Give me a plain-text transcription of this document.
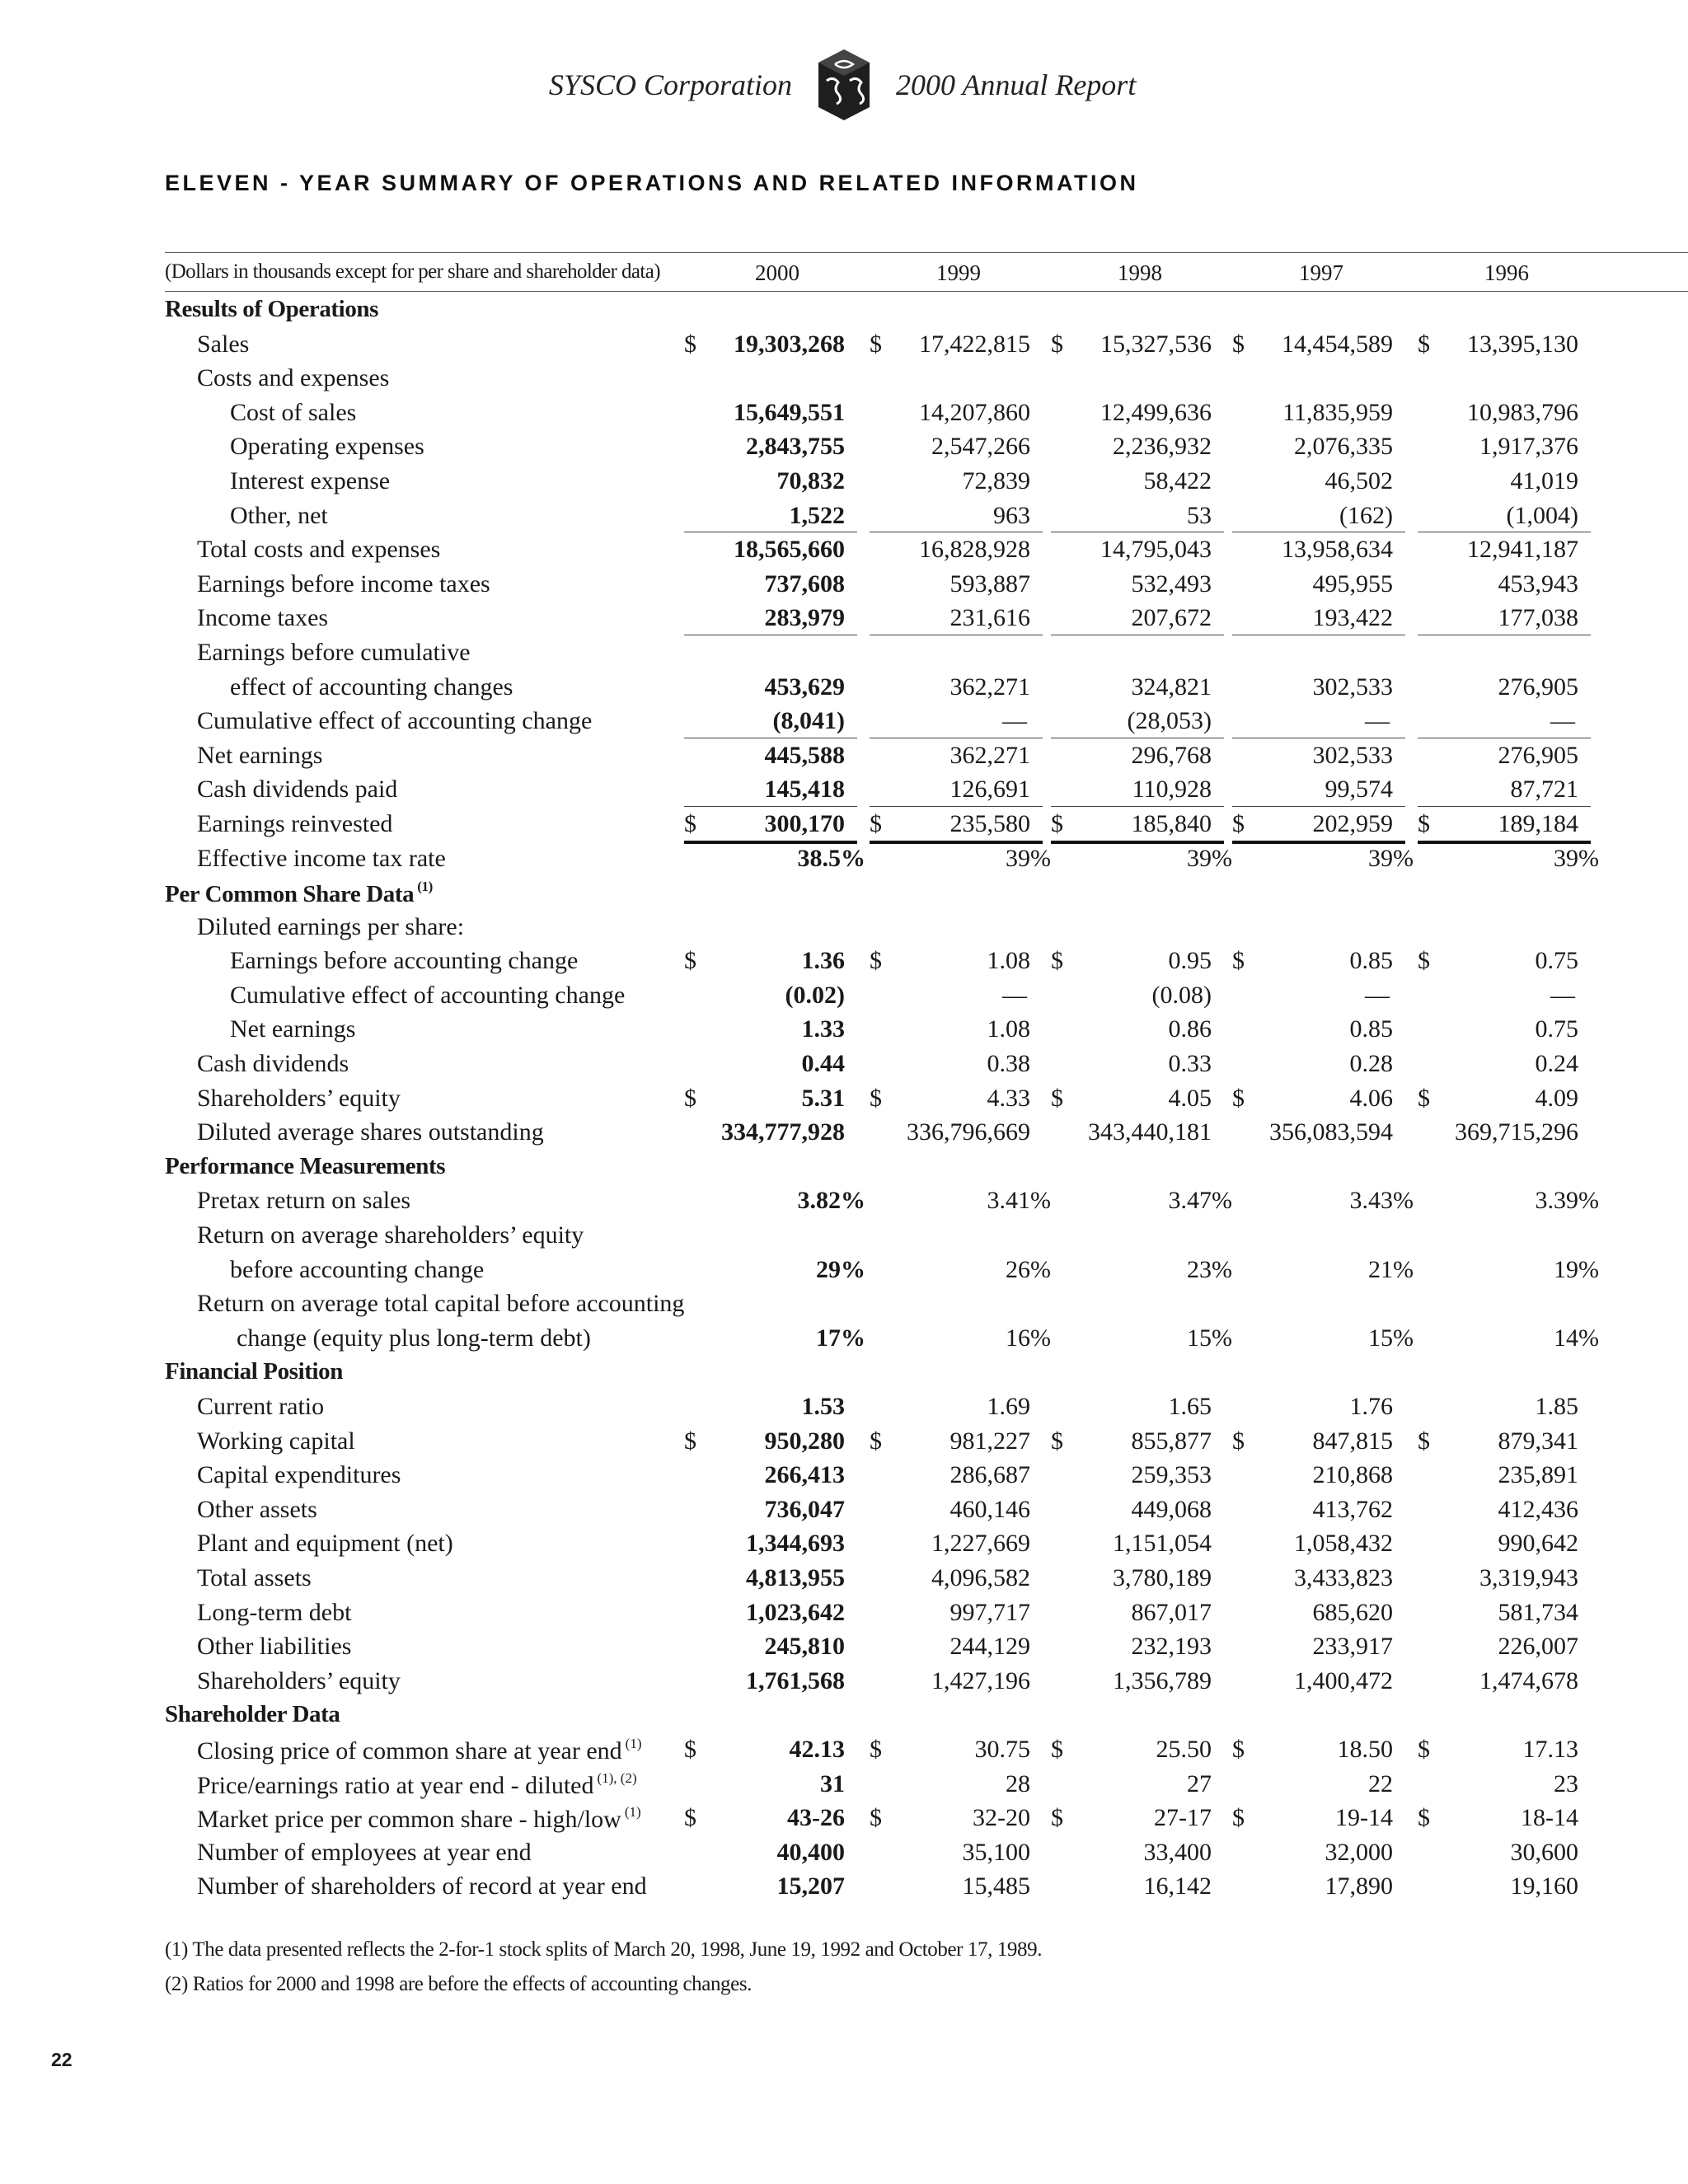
SYSCO Corporation	2000 Annual Report
ELEVEN - YEAR SUMMARY OF OPERATIONS AND RELATED INFORMATION
(Dollars in thousands except for per share and shareholder data)	2000	1999	1998	1997	1996
Results of Operations
Sales	$ 19,303,268 $ 17,422,815 $ 15,327,536 $ 14,454,589 $ 13,395,130
Costs and expenses
Cost of sales	15,649,551	14,207,860	12,499,636	11,835,959	10,983,796
Operating expenses	2,843,755	2,547,266	2,236,932	2,076,335	1,917,376
Interest expense	70,832	72,839	58,422	46,502	41,019
Other, net	1,522	963	53	(162)	(1,004)
Total costs and expenses	18,565,660	16,828,928	14,795,043	13,958,634	12,941,187
Earnings before income taxes	737,608	593,887	532,493	495,955	453,943
Income taxes	283,979	231,616	207,672	193,422	177,038
Earnings before cumulative
effect of accounting changes	453,629	362,271	324,821	302,533	276,905
Cumulative effect of accounting change	(8,041)	—	(28,053)	—	—
Net earnings	445,588	362,271	296,768	302,533	276,905
Cash dividends paid	145,418	126,691	110,928	99,574	87,721
Earnings reinvested	$	300,170 $	235,580 $	185,840 $	202,959 $	189,184
Effective income tax rate	38.5%	39%	39%	39%	39%
Per Common Share Data $^{(1)}$
Diluted earnings per share:
Earnings before accounting change	$	1.36 $	1.08 $	0.95 $	0.85 $	0.75
Cumulative effect of accounting change	(0.02)	—	(0.08)	—	—
Net earnings	1.33	1.08	0.86	0.85	0.75
Cash dividends	0.44	0.38	0.33	0.28	0.24
Shareholders’ equity	$	5.31 $	4.33 $	4.05 $	4.06 $	4.09
Diluted average shares outstanding	334,777,928	336,796,669 343,440,181 356,083,594	369,715,296
Performance Measurements
Pretax return on sales	3.82%	3.41%	3.47%	3.43%	3.39%
Return on average shareholders’ equity
before accounting change	29%	26%	23%	21%	19%
Return on average total capital before accounting
change (equity plus long-term debt)	17%	16%	15%	15%	14%
Financial Position
Current ratio	1.53	1.69	1.65	1.76	1.85
Working capital	$	950,280 $	981,227 $	855,877 $	847,815 $	879,341
Capital expenditures	266,413	286,687	259,353	210,868	235,891
Other assets	736,047	460,146	449,068	413,762	412,436
Plant and equipment (net)	1,344,693	1,227,669	1,151,054	1,058,432	990,642
Total assets	4,813,955	4,096,582	3,780,189	3,433,823	3,319,943
Long-term debt	1,023,642	997,717	867,017	685,620	581,734
Other liabilities	245,810	244,129	232,193	233,917	226,007
Shareholders’ equity	1,761,568	1,427,196	1,356,789	1,400,472	1,474,678
Shareholder Data
Closing price of common share at year end $^{(1)}$ $	42.13 $	30.75 $	25.50 $	18.50 $	17.13
Price/earnings ratio at year end - diluted $^{(1), (2)}$	31	28	27	22	23
Market price per common share - high/low $^{(1)}$ $	43-26 $	32-20 $	27-17 $	19-14 $	18-14
Number of employees at year end	40,400	35,100	33,400	32,000	30,600
Number of shareholders of record at year end	15,207	15,485	16,142	17,890	19,160
(1) The data presented reflects the 2-for-1 stock splits of March 20, 1998, June 19, 1992 and October 17, 1989.
(2) Ratios for 2000 and 1998 are before the effects of accounting changes.
22
